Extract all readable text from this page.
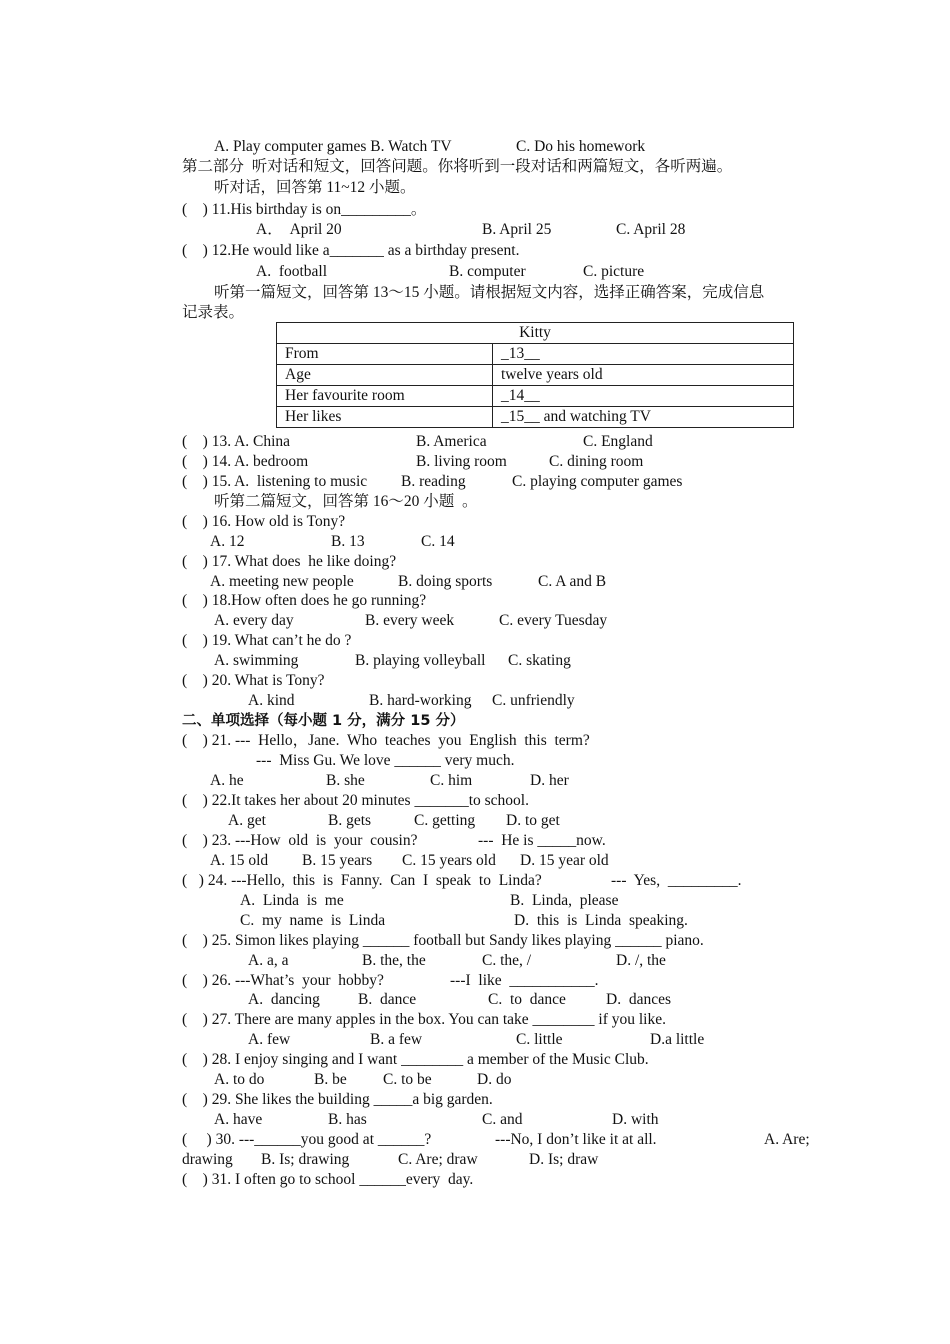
A. Play computer games B. Watch TV	C. Do his homework
第二部分  听对话和短文，回答问题。你将听到一段对话和两篇短文，各听两遍。
听对话，回答第 11~12 小题。
(    ) 11.His birthday is on_________。
A．  April 20	B. April 25	C. April 28
(    ) 12.He would like a_______ as a birthday present.
A.  football	B. computer	C. picture
听第一篇短文，回答第 13～15 小题。请根据短文内容，选择正确答案，完成信息
记录表。
Kitty	
From	_13__
Age	twelve years old
Her favourite room	_14__
Her likes	_15__ and watching TV
(    ) 13. A. China	B. America	C. England
(    ) 14. A. bedroom	B. living room	C. dining room
(    ) 15. A.  listening to music B. reading	C. playing computer games
听第二篇短文，回答第 16～20 小题  。
(    ) 16. How old is Tony?
A. 12	B. 13	C. 14
(    ) 17. What does  he like doing?
A. meeting new people	B. doing sports	C. A and B
(    ) 18.How often does he go running?
A. every day	B. every week	C. every Tuesday
(    ) 19. What can’t he do ?
A. swimming	B. playing volleyball C. skating
(    ) 20. What is Tony?
A. kind	B. hard-working C. unfriendly
二、单项选择（每小题 1 分，满分 15 分）
(    ) 21. ---  Hello，Jane.  Who  teaches  you  English  this  term?
---  Miss Gu. We love ______ very much.
A. he	B. she	C. him	D. her
(    ) 22.It takes her about 20 minutes _______to school.
A. get	B. gets	C. getting D. to get
(    ) 23. ---How  old  is  your  cousin?	---  He is _____now.
A. 15 old B. 15 years C. 15 years old D. 15 year old
(   ) 24. ---Hello,  this  is  Fanny.  Can  I  speak  to  Linda?	---  Yes,  _________.
A.  Linda  is  me	B.  Linda,  please
C.  my  name  is  Linda	D.  this  is  Linda  speaking.
(    ) 25. Simon likes playing ______ football but Sandy likes playing ______ piano.
A. a, a	B. the, the	C. the, /	D. /, the
(    ) 26. ---What’s  your  hobby?	---I  like  ___________.
A.  dancing B.  dance	C.  to  dance	D.  dances
(    ) 27. There are many apples in the box. You can take ________ if you like.
A. few	B. a few	C. little	D.a little
(    ) 28. I enjoy singing and I want ________ a member of the Music Club.
A. to do	B. be C. to be	D. do
(    ) 29. She likes the building _____a big garden.
A. have	B. has	C. and	D. with
(     ) 30. ---______you good at ______?	---No, I don’t like it at all.	A. Are;
drawing B. Is; drawing	C. Are; draw	D. Is; draw
(    ) 31. I often go to school ______every  day.
